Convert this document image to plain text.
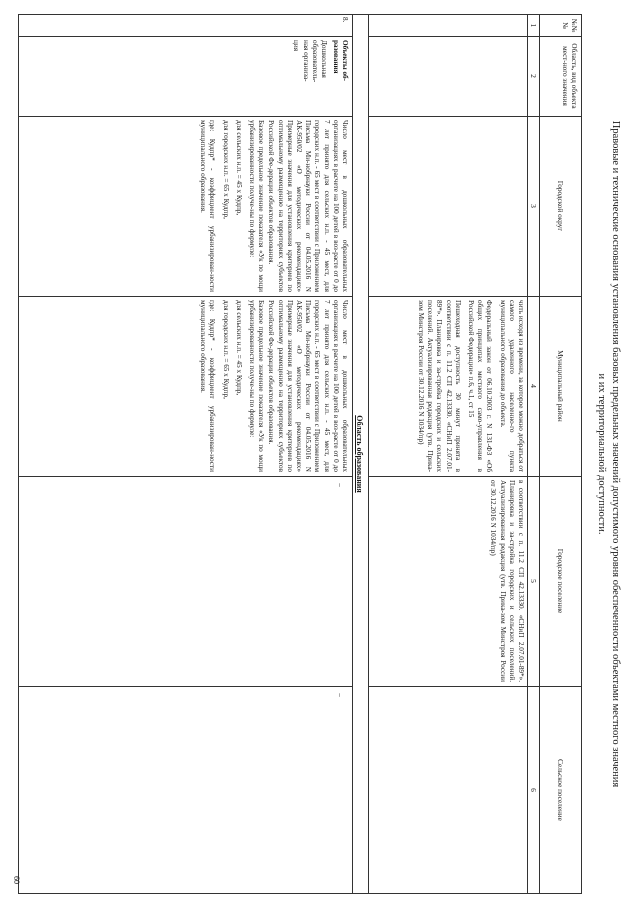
Правовые и технические основания установления базовых предельных значений допустимого уровня обеспеченности объектами местного значения
и их территориальной доступности.
№№
№
Область, вид объекта мест-ного значения
Городской округ
Муниципальный район
Городское поселение
Сельское поселение
1
2
3
4
5
6

чить исходя из времени, за которое можно добраться от самого удаленного населенно-го пункта муниципального образования до объекта.

Федеральный закон от 06.10.2003 г. N 131-ФЗ «Об общих принципах местного само-управления в Российской Федерации» п.6, ч.1, ст 15

Пешеходная доступность 30 минут принята в соответствии с п. 11.2 СП 42.13330. «СНиП 2.07.01-89*». Планировка и за-стройка городских и сельских поселений. Актуализированная редакция (утв. Прика-зом Минстроя России от 30.12.2016 N 1034/пр)

в соответствии с п. 11.2 СП 42.13330. «СНиП 2.07.01-89*». Планировка и за-стройка городских и сельских поселений. Актуализированная редакция (утв. Прика-зом Минстроя России от 30.12.2016 N 1034/пр)

Область образования
8.
Объекты об-разования
Дошкольная образователь-ная организа-ция

Число мест в дошкольных образовательных организациях в расчете на 100 детей в воз-расте от 0 до 7 лет принято для сельских н.п. - 45 мест, для городских н.п. - 65 мест в соответствии с Приложением Письма Ми-нобрнауки России от 04.05.2016 N АК-950/02 «О методических рекомендациях» Примерные значения для установления критериев по оптимальному размещению на территориях субъектов Российской Фе-дерации объектов образования.

Базовое предельное значение показателя «Ук по мощи урбанизированности получе-ны по формуле:

для сельских н.п. = 45 х Кудпр,

для городских н.п. = 65 х Кудпр,

где: Кудпр* - коэффициент урбанизирован-ности муниципального образования.

Число мест в дошкольных образовательных организациях в расчете на 100 детей в воз-расте от 0 до 7 лет принято для сельских н.п. - 45 мест, для городских н.п. - 65 мест в соответствии с Приложением Письма Ми-нобрнауки России от 04.05.2016 N АК-950/02 «О методических рекомендациях» Примерные значения для установления критериев по оптимальному размещению на территориях субъектов Российской Фе-дерации объектов образования.

Базовое предельное значение показателя «Ук по мощи урбанизированности получе-ны по формуле:

для сельских н.п. = 45 х Кудпр,

для городских н.п. = 65 х Кудпр,

где: Кудпр* - коэффициент урбанизирован-ности муниципального образования.

–
–
60
